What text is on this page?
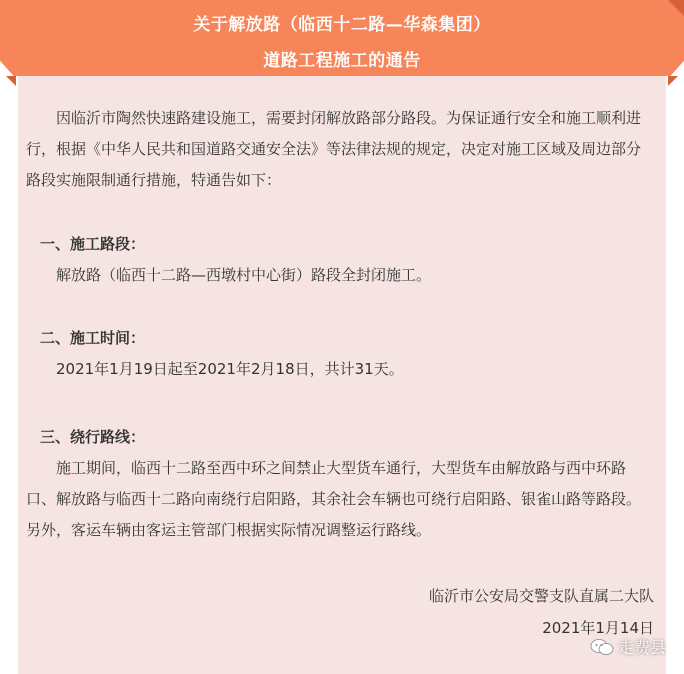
关于解放路（临西十二路—华森集团）
道路工程施工的通告
因临沂市陶然快速路建设施工，需要封闭解放路部分路段。为保证通行安全和施工顺利进行，根据《中华人民共和国道路交通安全法》等法律法规的规定，决定对施工区域及周边部分路段实施限制通行措施，特通告如下：
一、施工路段：
解放路（临西十二路—西墩村中心街）路段全封闭施工。
二、施工时间：
2021年1月19日起至2021年2月18日，共计31天。
三、绕行路线：
施工期间，临西十二路至西中环之间禁止大型货车通行，大型货车由解放路与西中环路口、解放路与临西十二路向南绕行启阳路，其余社会车辆也可绕行启阳路、银雀山路等路段。另外，客运车辆由客运主管部门根据实际情况调整运行路线。
临沂市公安局交警支队直属二大队
2021年1月14日
走费县
